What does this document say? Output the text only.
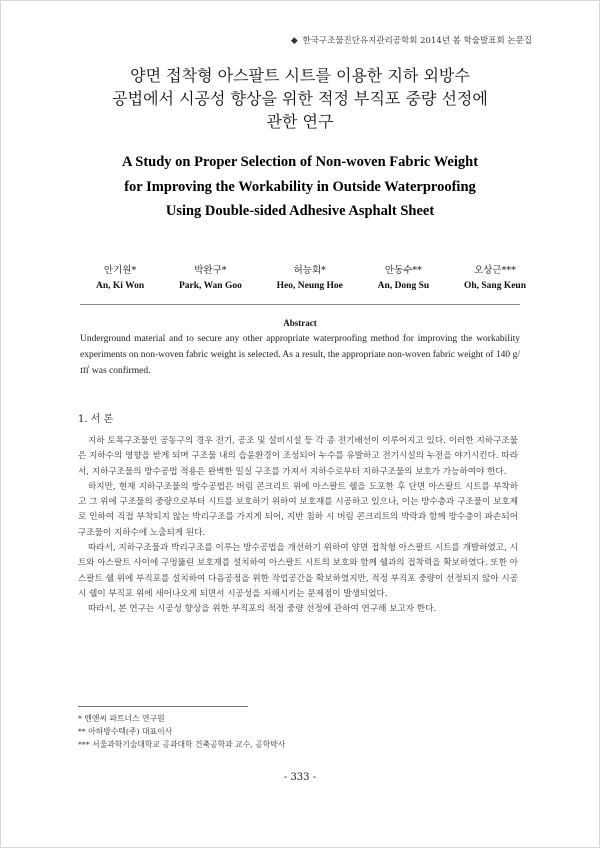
◆ 한국구조물진단유지관리공학회 2014년 봄 학술발표회 논문집
양면 접착형 아스팔트 시트를 이용한 지하 외방수
공법에서 시공성 향상을 위한 적정 부직포 중량 선정에
관한 연구
A Study on Proper Selection of Non-woven Fabric Weight
for Improving the Workability in Outside Waterproofing
Using Double-sided Adhesive Asphalt Sheet
안기원*
An, Ki Won
박완구*
Park, Wan Goo
허능회*
Heo, Neung Hoe
안동수**
An, Dong Su
오상근***
Oh, Sang Keun
Abstract
Underground material and to secure any other appropriate waterproofing method for improving the workability experiments on non-woven fabric weight is selected. As a result, the appropriate non-woven fabric weight of 140 g/㎡ was confirmed.
1. 서 론

지하 토목구조물인 공동구의 경우 전기, 공조 및 설비시설 등 각 종 전기배선이 이루어지고 있다. 이러한 지하구조물은 지하수의 영향을 받게 되며 구조물 내의 습윤환경이 조성되어 누수를 유발하고 전기시설의 누전을 야기시킨다. 따라서, 지하구조물의 방수공법 적용은 완벽한 밀실 구조를 가져서 지하수로부터 지하구조물의 보호가 가능하여야 한다.

하지만, 현재 지하구조물의 방수공법은 버림 콘크리트 위에 아스팔트 쉘을 도포한 후 단면 아스팔트 시트를 부착하고 그 위에 구조물의 중량으로부터 시트를 보호하기 위하여 보호재를 시공하고 있으나, 이는 방수층과 구조물이 보호제로 인하여 직접 부착되지 않는 박리구조를 가지게 되어, 지반 침하 시 버림 콘크리트의 박락과 함께 방수층이 파손되어 구조물이 지하수에 노출되게 된다.

따라서, 지하구조물과 박리구조를 이루는 방수공법을 개선하기 위하여 양면 접착형 아스팔트 시트를 개발하였고, 시트와 아스팔트 사이에 구멍뚫린 보호재를 설치하여 아스팔트 시트의 보호와 함께 쉘과의 접착력을 확보하였다. 또한 아스팔트 쉘 위에 부직포를 설치하여 다음공정을 위한 작업공간을 확보하였지만, 적정 부직포 중량이 선정되지 않아 시공 시 쉘이 부직포 위에 새어나오게 되면서 시공성을 저해시키는 문제점이 발생되었다.

따라서, 본 연구는 시공성 향상을 위한 부직포의 적정 중량 선정에 관하여 연구해 보고자 한다.

* 엔앤씨 파트너스 연구원
** 아하방수텍(주) 대표이사
*** 서울과학기술대학교 공과대학 건축공학과 교수, 공학박사
- 333 -
